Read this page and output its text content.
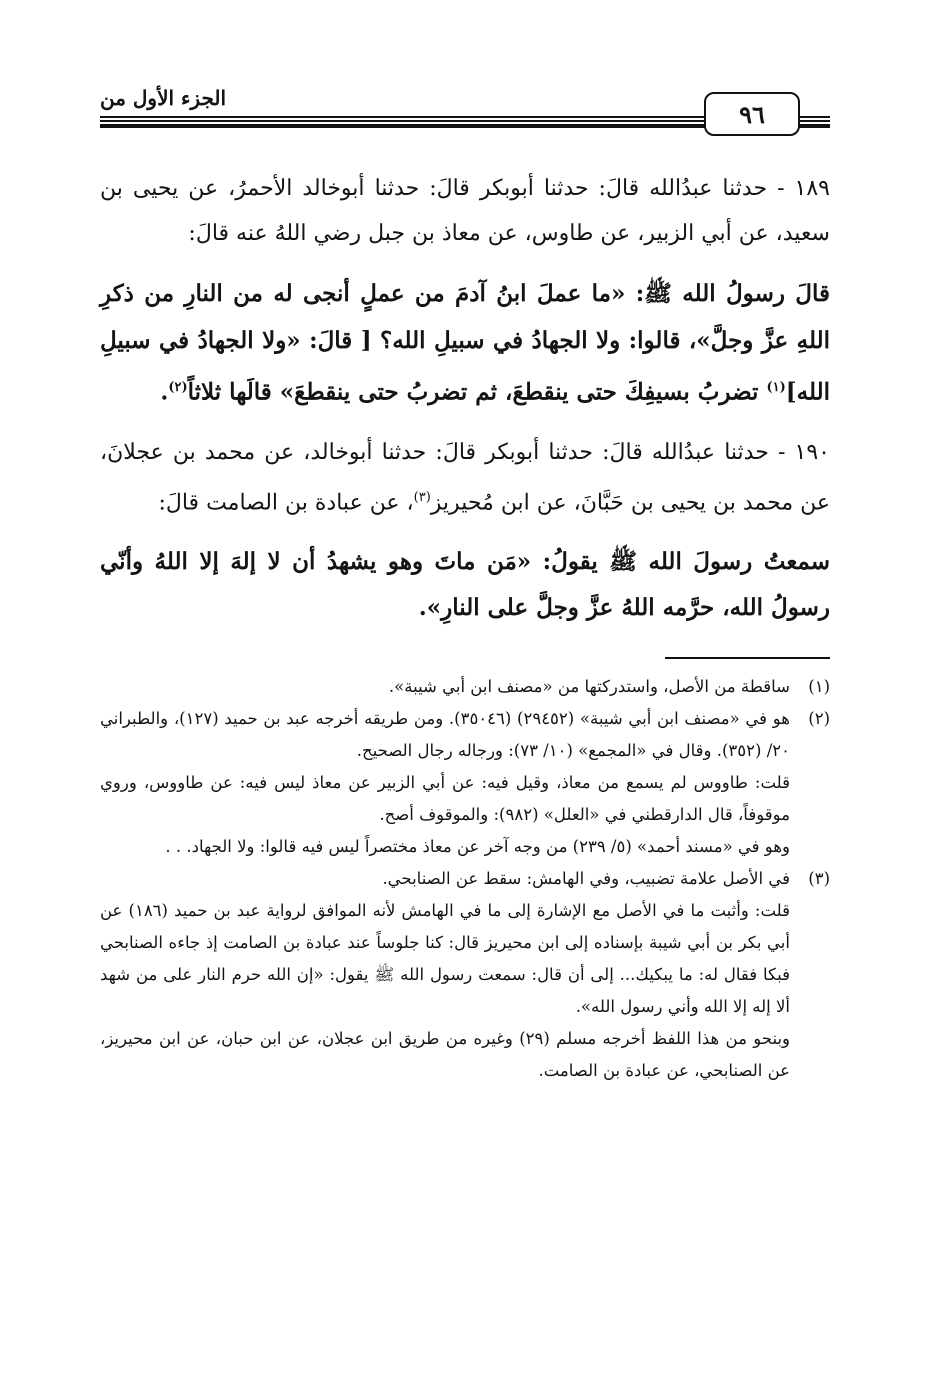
٩٦
الجزء الأول من
١٨٩ - حدثنا عبدُالله قالَ: حدثنا أبوبكر قالَ: حدثنا أبوخالد الأحمرُ، عن يحيى بن سعيد، عن أبي الزبير، عن طاوس، عن معاذ بن جبل رضي اللهُ عنه قالَ:
قالَ رسولُ الله ﷺ: «ما عملَ ابنُ آدمَ من عملٍ أنجى له من النارِ من ذكرِ اللهِ عزَّ وجلَّ»، قالوا: ولا الجهادُ في سبيلِ الله؟ [ قالَ: «ولا الجهادُ في سبيلِ الله]$^{(١)}$ تضربُ بسيفِكَ حتى ينقطعَ، ثم تضربُ حتى ينقطعَ» قالَها ثلاثاً$^{(٢)}$.
١٩٠ - حدثنا عبدُالله قالَ: حدثنا أبوبكر قالَ: حدثنا أبوخالد، عن محمد بن عجلانَ، عن محمد بن يحيى بن حَبَّانَ، عن ابن مُحيريز$^{(٣)}$، عن عبادة بن الصامت قالَ:
سمعتُ رسولَ الله ﷺ يقولُ: «مَن ماتَ وهو يشهدُ أن لا إلهَ إلا اللهُ وأنّي رسولُ الله، حرَّمه اللهُ عزَّ وجلَّ على النارِ».
(١)
ساقطة من الأصل، واستدركتها من «مصنف ابن أبي شيبة».
(٢)
هو في «مصنف ابن أبي شيبة» (٢٩٤٥٢) (٣٥٠٤٦). ومن طريقه أخرجه عبد بن حميد (١٢٧)، والطبراني ٢٠/ (٣٥٢). وقال في «المجمع» (١٠/ ٧٣): ورجاله رجال الصحيح.
قلت: طاووس لم يسمع من معاذ، وقيل فيه: عن أبي الزبير عن معاذ ليس فيه: عن طاووس، وروي موقوفاً، قال الدارقطني في «العلل» (٩٨٢): والموقوف أصح.
وهو في «مسند أحمد» (٥/ ٢٣٩) من وجه آخر عن معاذ مختصراً ليس فيه قالوا: ولا الجهاد. . .
(٣)
في الأصل علامة تضبيب، وفي الهامش: سقط عن الصنابحي.
قلت: وأثبت ما في الأصل مع الإشارة إلى ما في الهامش لأنه الموافق لرواية عبد بن حميد (١٨٦) عن أبي بكر بن أبي شيبة بإسناده إلى ابن محيريز قال: كنا جلوساً عند عبادة بن الصامت إذ جاءه الصنابحي فبكا فقال له: ما يبكيك... إلى أن قال: سمعت رسول الله ﷺ يقول: «إن الله حرم النار على من شهد ألا إله إلا الله وأني رسول الله».
وبنحو من هذا اللفظ أخرجه مسلم (٢٩) وغيره من طريق ابن عجلان، عن ابن حبان، عن ابن محيريز، عن الصنابحي، عن عبادة بن الصامت.
